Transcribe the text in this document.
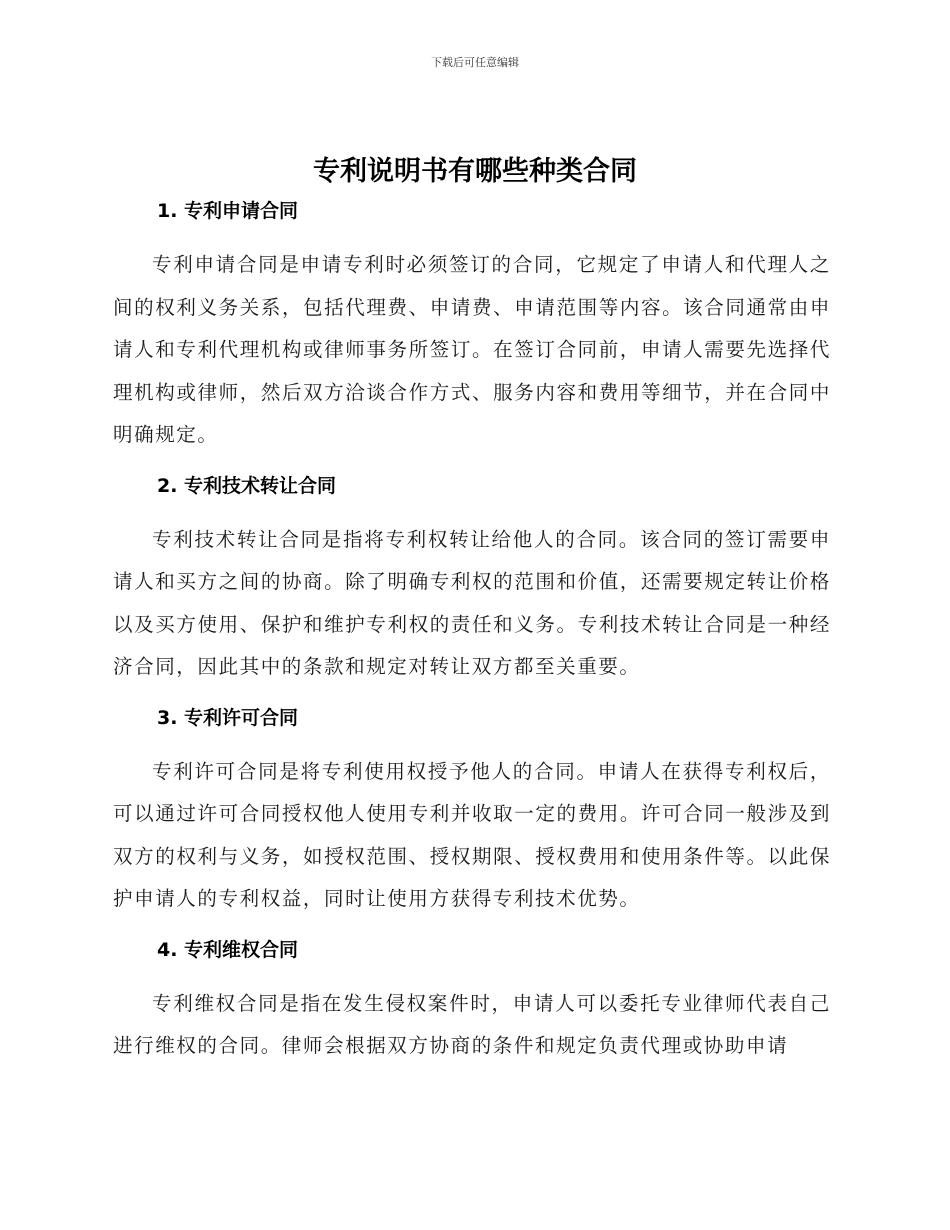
下载后可任意编辑
专利说明书有哪些种类合同
1. 专利申请合同

专利申请合同是申请专利时必须签订的合同，它规定了申请人和代理人之间的权利义务关系，包括代理费、申请费、申请范围等内容。该合同通常由申请人和专利代理机构或律师事务所签订。在签订合同前，申请人需要先选择代理机构或律师，然后双方洽谈合作方式、服务内容和费用等细节，并在合同中明确规定。

2. 专利技术转让合同

专利技术转让合同是指将专利权转让给他人的合同。该合同的签订需要申请人和买方之间的协商。除了明确专利权的范围和价值，还需要规定转让价格以及买方使用、保护和维护专利权的责任和义务。专利技术转让合同是一种经济合同，因此其中的条款和规定对转让双方都至关重要。

3. 专利许可合同

专利许可合同是将专利使用权授予他人的合同。申请人在获得专利权后，可以通过许可合同授权他人使用专利并收取一定的费用。许可合同一般涉及到双方的权利与义务，如授权范围、授权期限、授权费用和使用条件等。以此保护申请人的专利权益，同时让使用方获得专利技术优势。

4. 专利维权合同

专利维权合同是指在发生侵权案件时，申请人可以委托专业律师代表自己进行维权的合同。律师会根据双方协商的条件和规定负责代理或协助申请
